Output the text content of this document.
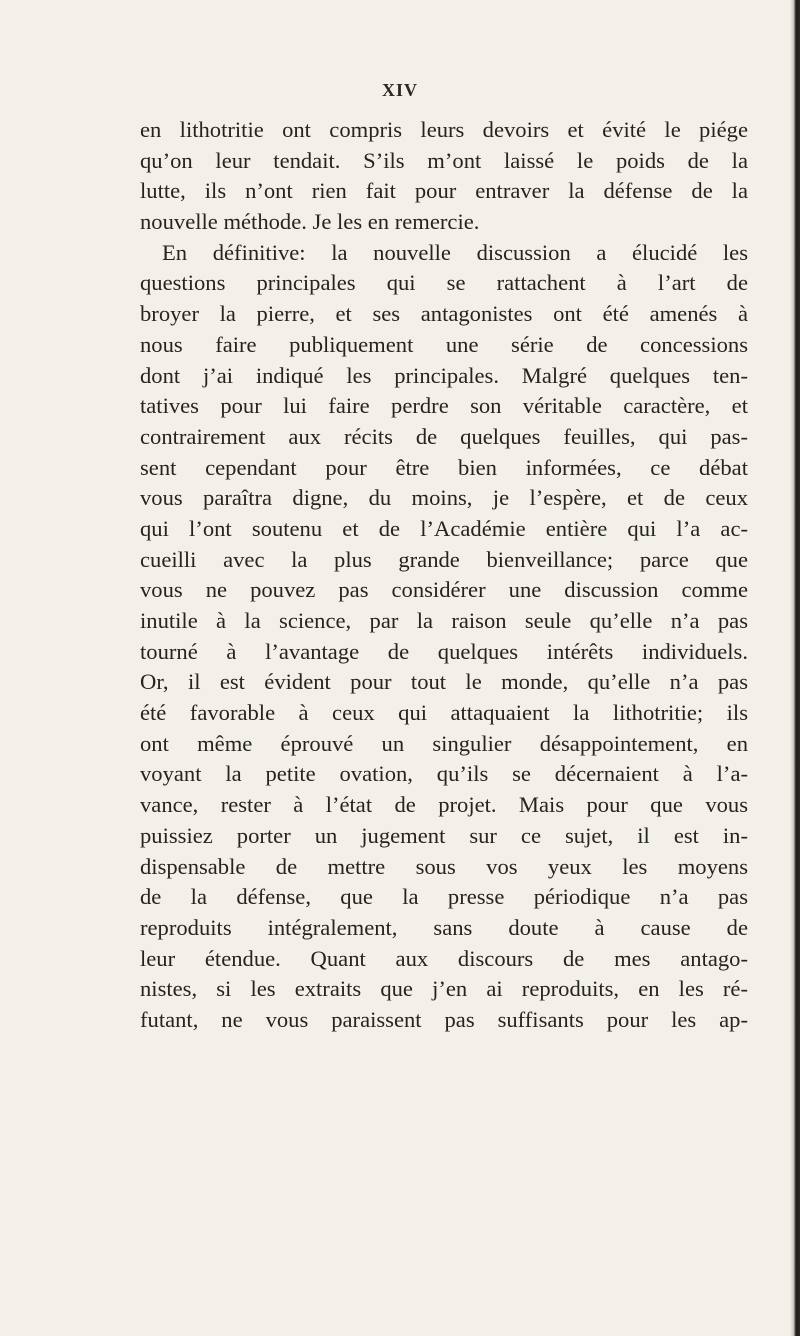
XIV
en lithotritie ont compris leurs devoirs et évité le piége
qu’on leur tendait. S’ils m’ont laissé le poids de la
lutte, ils n’ont rien fait pour entraver la défense de la
nouvelle méthode. Je les en remercie.
En définitive: la nouvelle discussion a élucidé les
questions principales qui se rattachent à l’art de
broyer la pierre, et ses antagonistes ont été amenés à
nous faire publiquement une série de concessions
dont j’ai indiqué les principales. Malgré quelques ten-
tatives pour lui faire perdre son véritable caractère, et
contrairement aux récits de quelques feuilles, qui pas-
sent cependant pour être bien informées, ce débat
vous paraîtra digne, du moins, je l’espère, et de ceux
qui l’ont soutenu et de l’Académie entière qui l’a ac-
cueilli avec la plus grande bienveillance; parce que
vous ne pouvez pas considérer une discussion comme
inutile à la science, par la raison seule qu’elle n’a pas
tourné à l’avantage de quelques intérêts individuels.
Or, il est évident pour tout le monde, qu’elle n’a pas
été favorable à ceux qui attaquaient la lithotritie; ils
ont même éprouvé un singulier désappointement, en
voyant la petite ovation, qu’ils se décernaient à l’a-
vance, rester à l’état de projet. Mais pour que vous
puissiez porter un jugement sur ce sujet, il est in-
dispensable de mettre sous vos yeux les moyens
de la défense, que la presse périodique n’a pas
reproduits intégralement, sans doute à cause de
leur étendue. Quant aux discours de mes antago-
nistes, si les extraits que j’en ai reproduits, en les ré-
futant, ne vous paraissent pas suffisants pour les ap-
